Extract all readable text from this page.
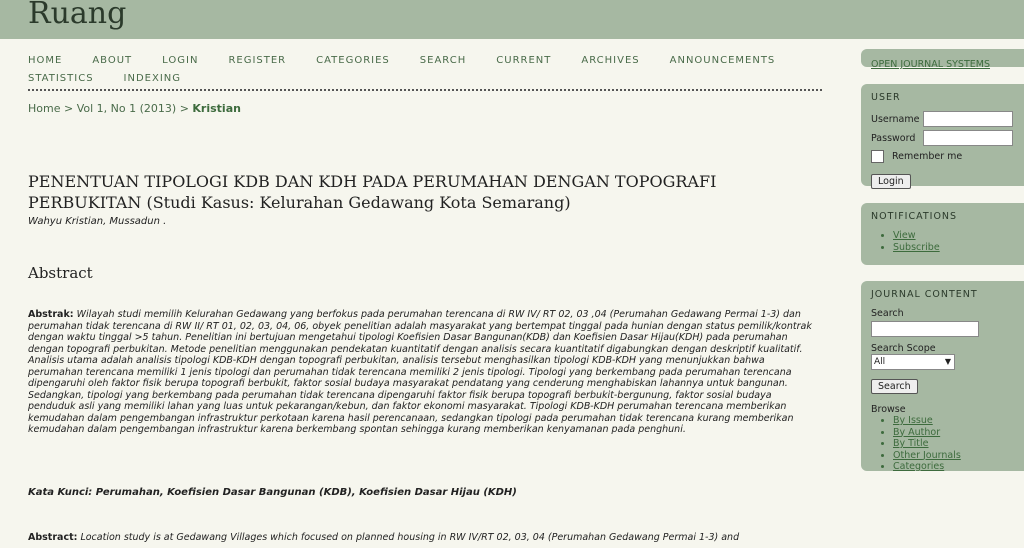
Ruang
HOME	ABOUT	LOGIN	REGISTER	CATEGORIES	SEARCH	CURRENT	ARCHIVES	ANNOUNCEMENTS
STATISTICS	INDEXING
Home > Vol 1, No 1 (2013) > Kristian
PENENTUAN TIPOLOGI KDB DAN KDH PADA PERUMAHAN DENGAN TOPOGRAFI PERBUKITAN (Studi Kasus: Kelurahan Gedawang Kota Semarang)
Wahyu Kristian, Mussadun .
Abstract
Abstrak: Wilayah studi memilih Kelurahan Gedawang yang berfokus pada perumahan terencana di RW IV/ RT 02, 03 ,04 (Perumahan Gedawang Permai 1-3) dan perumahan tidak terencana di RW II/ RT 01, 02, 03, 04, 06, obyek penelitian adalah masyarakat yang bertempat tinggal pada hunian dengan status pemilik/kontrak dengan waktu tinggal >5 tahun. Penelitian ini bertujuan mengetahui tipologi Koefisien Dasar Bangunan(KDB) dan Koefisien Dasar Hijau(KDH) pada perumahan dengan topografi perbukitan. Metode penelitian menggunakan pendekatan kuantitatif dengan analisis secara kuantitatif digabungkan dengan deskriptif kualitatif. Analisis utama adalah analisis tipologi KDB-KDH dengan topografi perbukitan, analisis tersebut menghasilkan tipologi KDB-KDH yang menunjukkan bahwa perumahan terencana memiliki 1 jenis tipologi dan perumahan tidak terencana memiliki 2 jenis tipologi. Tipologi yang berkembang pada perumahan terencana dipengaruhi oleh faktor fisik berupa topografi berbukit, faktor sosial budaya masyarakat pendatang yang cenderung menghabiskan lahannya untuk bangunan. Sedangkan, tipologi yang berkembang pada perumahan tidak terencana dipengaruhi faktor fisik berupa topografi berbukit-bergunung, faktor sosial budaya penduduk asli yang memiliki lahan yang luas untuk pekarangan/kebun, dan faktor ekonomi masyarakat. Tipologi KDB-KDH perumahan terencana memberikan kemudahan dalam pengembangan infrastruktur perkotaan karena hasil perencanaan, sedangkan tipologi pada perumahan tidak terencana kurang memberikan kemudahan dalam pengembangan infrastruktur karena berkembang spontan sehingga kurang memberikan kenyamanan pada penghuni.
Kata Kunci: Perumahan, Koefisien Dasar Bangunan (KDB), Koefisien Dasar Hijau (KDH)
Abstract: Location study is at Gedawang Villages which focused on planned housing in RW IV/RT 02, 03, 04 (Perumahan Gedawang Permai 1-3) and
OPEN JOURNAL SYSTEMS
USER
Username
Password
Remember me
Login
NOTIFICATIONS
• View
• Subscribe
JOURNAL CONTENT
Search
Search Scope
All	▼
Search
Browse
• By Issue
• By Author
• By Title
• Other Journals
• Categories
